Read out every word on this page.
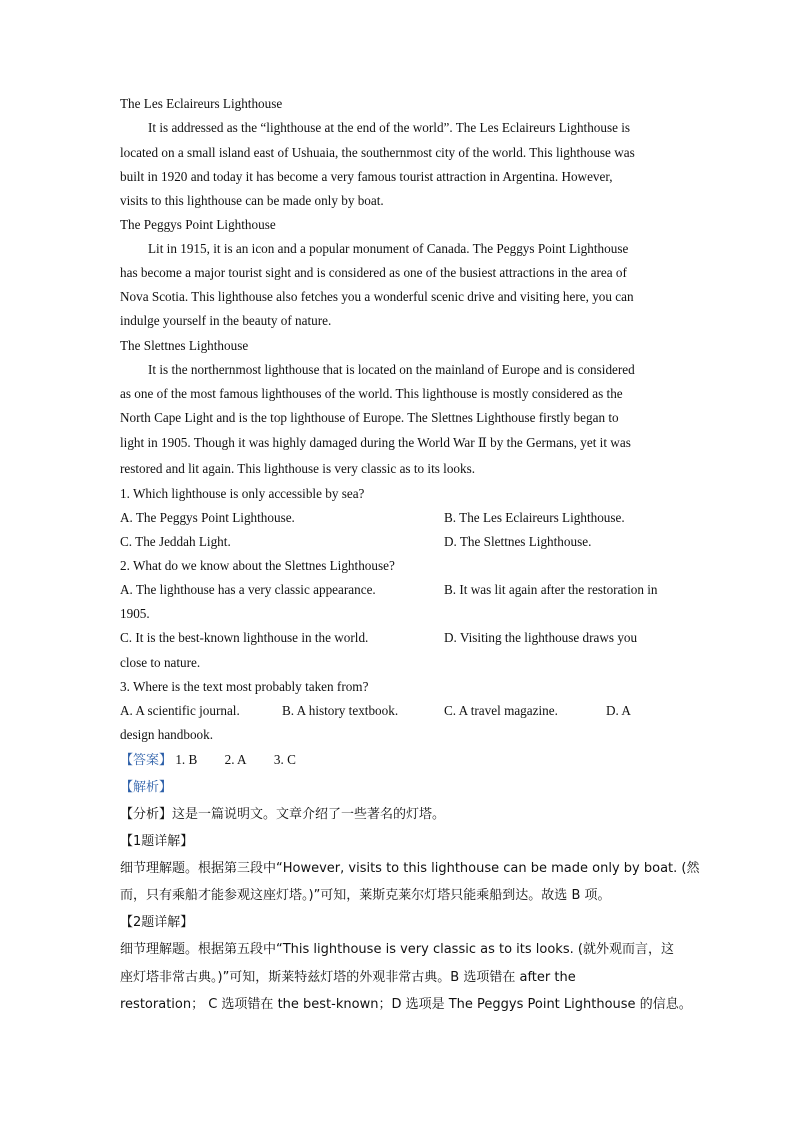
The Les Eclaireurs Lighthouse
It is addressed as the “lighthouse at the end of the world”. The Les Eclaireurs Lighthouse is
located on a small island east of Ushuaia, the southernmost city of the world. This lighthouse was
built in 1920 and today it has become a very famous tourist attraction in Argentina. However,
visits to this lighthouse can be made only by boat.
The Peggys Point Lighthouse
Lit in 1915, it is an icon and a popular monument of Canada. The Peggys Point Lighthouse
has become a major tourist sight and is considered as one of the busiest attractions in the area of
Nova Scotia. This lighthouse also fetches you a wonderful scenic drive and visiting here, you can
indulge yourself in the beauty of nature.
The Slettnes Lighthouse
It is the northernmost lighthouse that is located on the mainland of Europe and is considered
as one of the most famous lighthouses of the world. This lighthouse is mostly considered as the
North Cape Light and is the top lighthouse of Europe. The Slettnes Lighthouse firstly began to
light in 1905. Though it was highly damaged during the World War Ⅱ by the Germans, yet it was
restored and lit again. This lighthouse is very classic as to its looks.
1. Which lighthouse is only accessible by sea?
A. The Peggys Point Lighthouse.	B. The Les Eclaireurs Lighthouse.
C. The Jeddah Light.	D. The Slettnes Lighthouse.
2. What do we know about the Slettnes Lighthouse?
A. The lighthouse has a very classic appearance.	B. It was lit again after the restoration in
1905.
C. It is the best-known lighthouse in the world.	D. Visiting the lighthouse draws you
close to nature.
3. Where is the text most probably taken from?
A. A scientific journal.	B. A history textbook.	C. A travel magazine.	D. A
design handbook.
【答案】 1. B 2. A 3. C
【解析】
【分析】这是一篇说明文。文章介绍了一些著名的灯塔。
【1题详解】
细节理解题。根据第三段中“However, visits to this lighthouse can be made only by boat. (然
而，只有乘船才能参观这座灯塔。)”可知，莱斯克莱尔灯塔只能乘船到达。故选 B 项。
【2题详解】
细节理解题。根据第五段中“This lighthouse is very classic as to its looks. (就外观而言，这
座灯塔非常古典。)”可知，斯莱特兹灯塔的外观非常古典。B 选项错在 after the
restoration； C 选项错在 the best-known；D 选项是 The Peggys Point Lighthouse 的信息。
